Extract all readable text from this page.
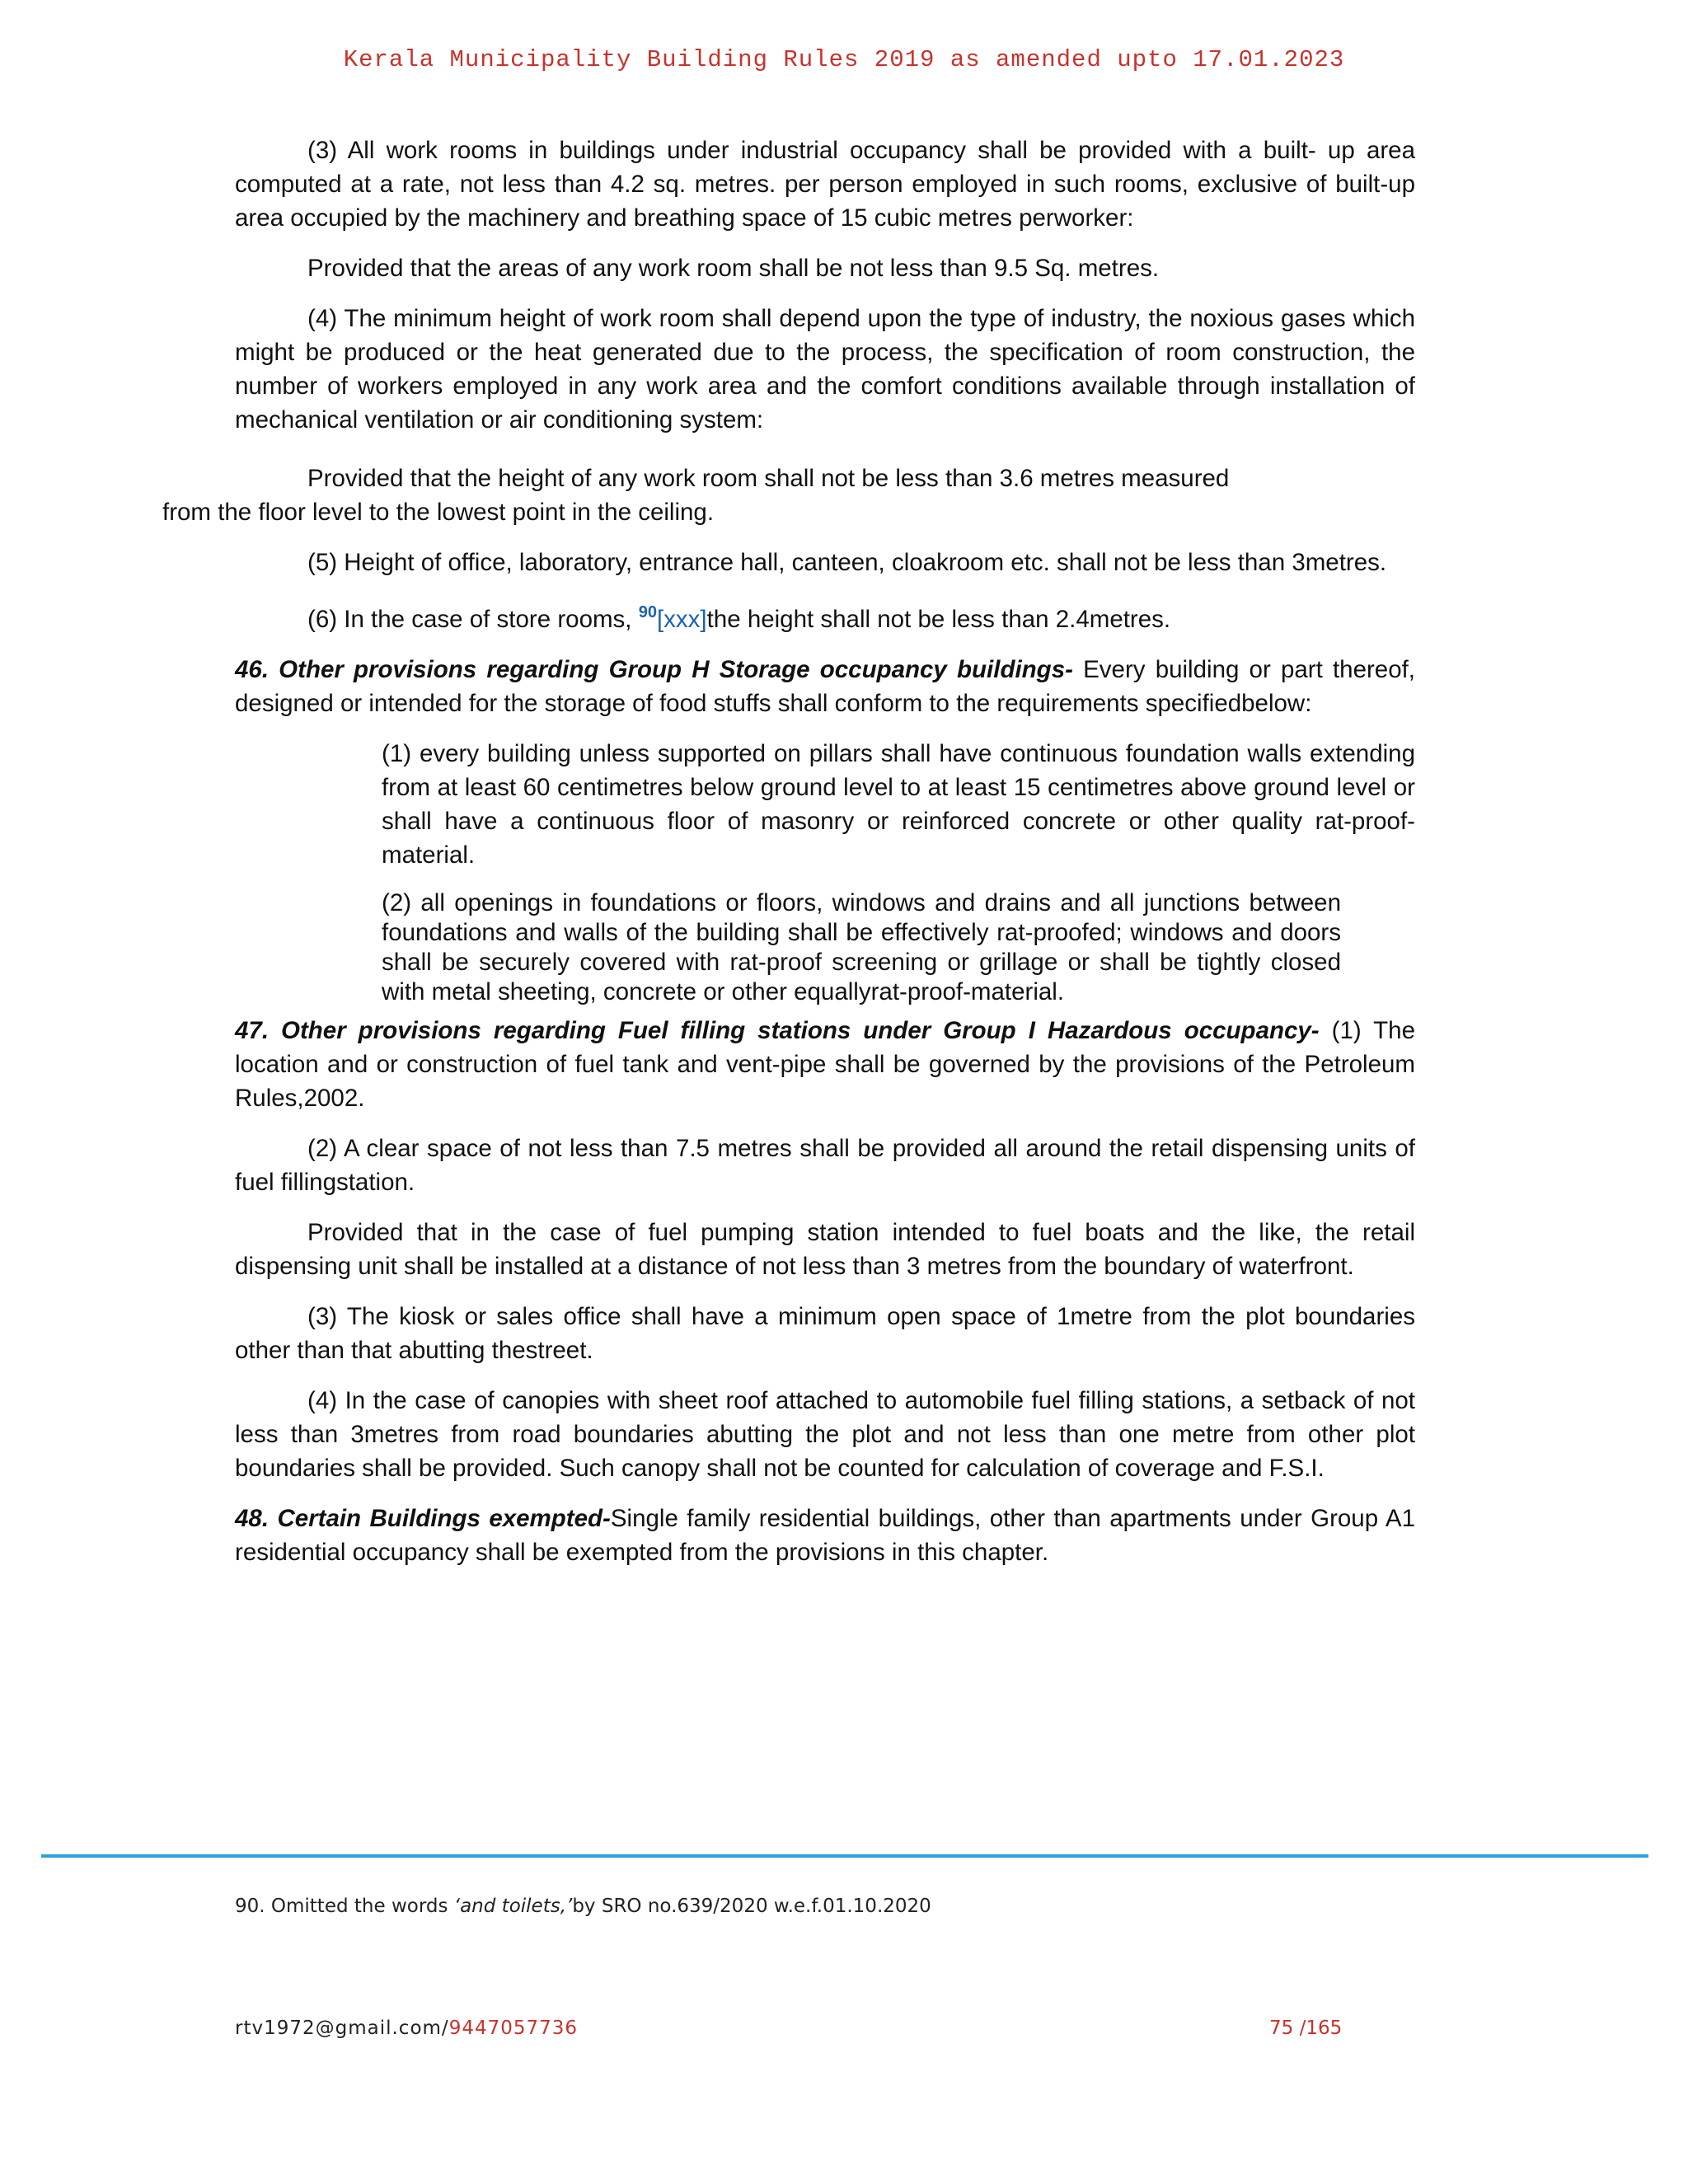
Kerala Municipality Building Rules 2019 as amended upto 17.01.2023

(3) All work rooms in buildings under industrial occupancy shall be provided with a built- up area computed at a rate, not less than 4.2 sq. metres. per person employed in such rooms, exclusive of built-up area occupied by the machinery and breathing space of 15 cubic metres perworker:

Provided that the areas of any work room shall be not less than 9.5 Sq. metres.

(4) The minimum height of work room shall depend upon the type of industry, the noxious gases which might be produced or the heat generated due to the process, the specification of room construction, the number of workers employed in any work area and the comfort conditions available through installation of mechanical ventilation or air conditioning system:

Provided that the height of any work room shall not be less than 3.6 metres measured
from the floor level to the lowest point in the ceiling.

(5) Height of office, laboratory, entrance hall, canteen, cloakroom etc. shall not be less than 3metres.

(6) In the case of store rooms, $^{90}$[xxx]the height shall not be less than 2.4metres.

46. Other provisions regarding Group H Storage occupancy buildings- Every building or part thereof, designed or intended for the storage of food stuffs shall conform to the requirements specifiedbelow:

(1) every building unless supported on pillars shall have continuous foundation walls extending from at least 60 centimetres below ground level to at least 15 centimetres above ground level or shall have a continuous floor of masonry or reinforced concrete or other quality rat-proof-material.

(2) all openings in foundations or floors, windows and drains and all junctions between foundations and walls of the building shall be effectively rat-proofed; windows and doors shall be securely covered with rat-proof screening or grillage or shall be tightly closed with metal sheeting, concrete or other equallyrat-proof-material.

47. Other provisions regarding Fuel filling stations under Group I Hazardous occupancy- (1) The location and or construction of fuel tank and vent-pipe shall be governed by the provisions of the Petroleum Rules,2002.

(2) A clear space of not less than 7.5 metres shall be provided all around the retail dispensing units of fuel fillingstation.

Provided that in the case of fuel pumping station intended to fuel boats and the like, the retail dispensing unit shall be installed at a distance of not less than 3 metres from the boundary of waterfront.

(3) The kiosk or sales office shall have a minimum open space of 1metre from the plot boundaries other than that abutting thestreet.

(4) In the case of canopies with sheet roof attached to automobile fuel filling stations, a setback of not less than 3metres from road boundaries abutting the plot and not less than one metre from other plot boundaries shall be provided. Such canopy shall not be counted for calculation of coverage and F.S.I.

48. Certain Buildings exempted-Single family residential buildings, other than apartments under Group A1 residential occupancy shall be exempted from the provisions in this chapter.

90. Omitted the words ‘and toilets,’by SRO no.639/2020 w.e.f.01.10.2020
rtv1972@gmail.com/9447057736	75 /165
